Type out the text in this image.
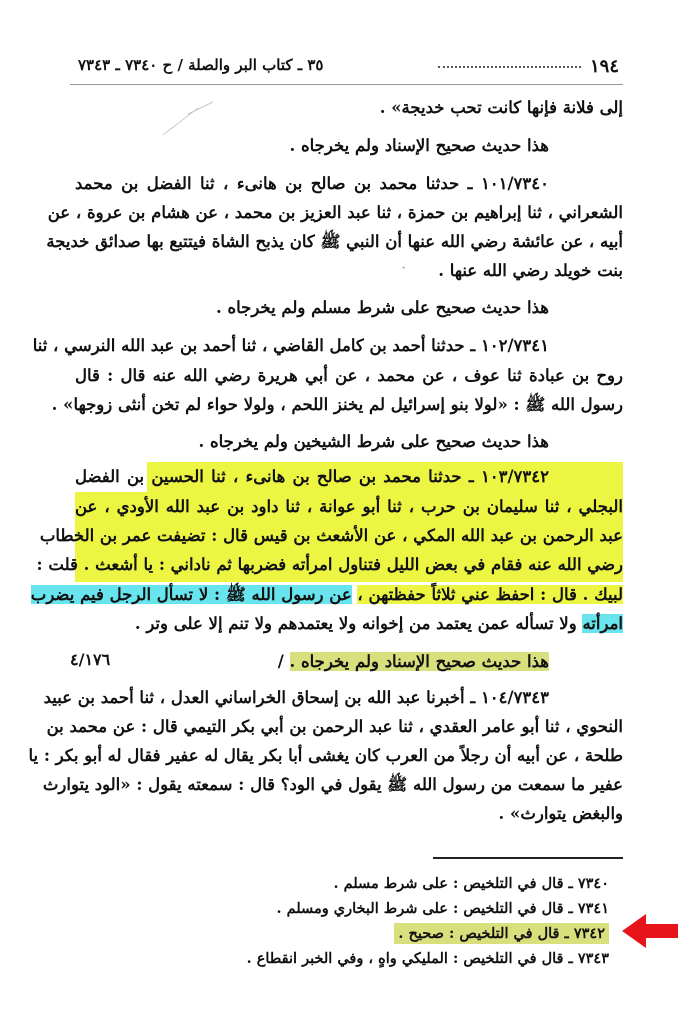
١٩٤
٣٥ ـ كتاب البر والصلة / ح ٧٣٤٠ ـ ٧٣٤٣
ˎ
إلى فلانة فإنها كانت تحب خديجة» .
هذا حديث صحيح الإسناد ولم يخرجاه .
١٠١/٧٣٤٠ ـ حدثنا محمد بن صالح بن هانىء ، ثنا الفضل بن محمد
الشعراني ، ثنا إبراهيم بن حمزة ، ثنا عبد العزيز بن محمد ، عن هشام بن عروة ، عن
أبيه ، عن عائشة رضي الله عنها أن النبي ﷺ كان يذبح الشاة فيتتبع بها صدائق خديجة
بنت خويلد رضي الله عنها .
هذا حديث صحيح على شرط مسلم ولم يخرجاه .
١٠٢/٧٣٤١ ـ حدثنا أحمد بن كامل القاضي ، ثنا أحمد بن عبد الله النرسي ، ثنا
روح بن عبادة ثنا عوف ، عن محمد ، عن أبي هريرة رضي الله عنه قال : قال
رسول الله ﷺ : «لولا بنو إسرائيل لم يخنز اللحم ، ولولا حواء لم تخن أنثى زوجها» .
هذا حديث صحيح على شرط الشيخين ولم يخرجاه .
١٠٣/٧٣٤٢ ـ حدثنا محمد بن صالح بن هانىء ، ثنا الحسين بن الفضل
البجلي ، ثنا سليمان بن حرب ، ثنا أبو عوانة ، ثنا داود بن عبد الله الأودي ، عن
عبد الرحمن بن عبد الله المكي ، عن الأشعث بن قيس قال : تضيفت عمر بن الخطاب
رضي الله عنه فقام في بعض الليل فتناول امرأته فضربها ثم ناداني : يا أشعث . قلت :
لبيك . قال : احفظ عني ثلاثاً حفظتهن ، عن رسول الله ﷺ : لا تسأل الرجل فيم يضرب
امرأته ولا تسأله عمن يعتمد من إخوانه ولا يعتمدهم ولا تنم إلا على وتر .
هذا حديث صحيح الإسناد ولم يخرجاه . /
٤/١٧٦
١٠٤/٧٣٤٣ ـ أخبرنا عبد الله بن إسحاق الخراساني العدل ، ثنا أحمد بن عبيد
النحوي ، ثنا أبو عامر العقدي ، ثنا عبد الرحمن بن أبي بكر التيمي قال : عن محمد بن
طلحة ، عن أبيه أن رجلاً من العرب كان يغشى أبا بكر يقال له عفير فقال له أبو بكر : يا
عفير ما سمعت من رسول الله ﷺ يقول في الود؟ قال : سمعته يقول : «الود يتوارث
والبغض يتوارث» .
٧٣٤٠ ـ قال في التلخيص : على شرط مسلم .
٧٣٤١ ـ قال في التلخيص : على شرط البخاري ومسلم .
٧٣٤٢ ـ قال في التلخيص : صحيح .
٧٣٤٣ ـ قال في التلخيص : المليكي واهٍ ، وفي الخبر انقطاع .
